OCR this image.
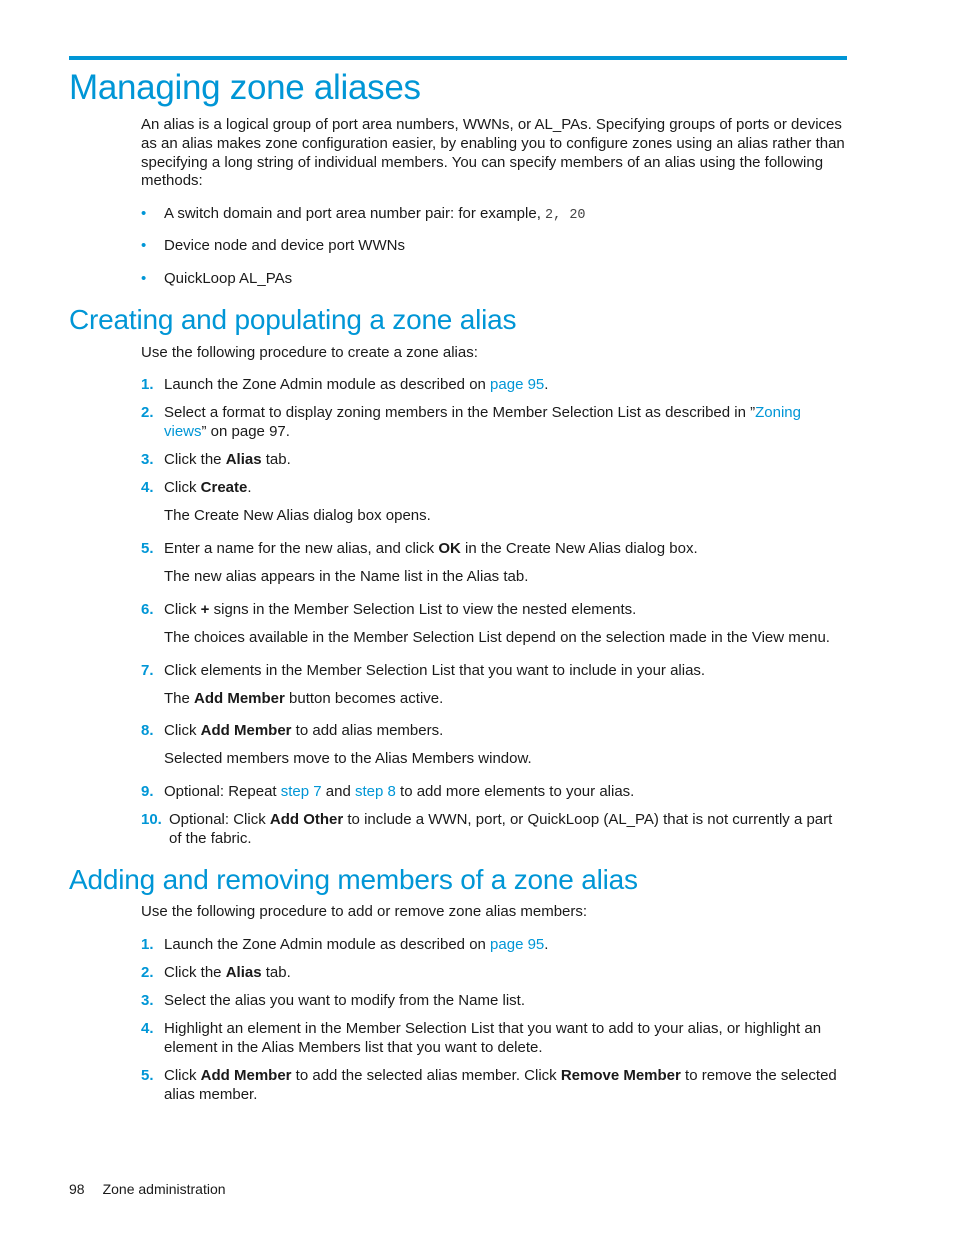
Managing zone aliases

An alias is a logical group of port area numbers, WWNs, or AL_PAs. Specifying groups of ports or devices as an alias makes zone configuration easier, by enabling you to configure zones using an alias rather than specifying a long string of individual members. You can specify members of an alias using the following methods:

• A switch domain and port area number pair: for example, 2, 20
• Device node and device port WWNs
• QuickLoop AL_PAs
Creating and populating a zone alias

Use the following procedure to create a zone alias:

1. Launch the Zone Admin module as described on page 95.
2. Select a format to display zoning members in the Member Selection List as described in ”Zoning
views” on page 97.
3. Click the Alias tab.
4. Click Create.
The Create New Alias dialog box opens.
5. Enter a name for the new alias, and click OK in the Create New Alias dialog box.
The new alias appears in the Name list in the Alias tab.
6. Click + signs in the Member Selection List to view the nested elements.
The choices available in the Member Selection List depend on the selection made in the View menu.
7. Click elements in the Member Selection List that you want to include in your alias.
The Add Member button becomes active.
8. Click Add Member to add alias members.
Selected members move to the Alias Members window.
9. Optional: Repeat step 7 and step 8 to add more elements to your alias.
10. Optional: Click Add Other to include a WWN, port, or QuickLoop (AL_PA) that is not currently a part of the fabric.
Adding and removing members of a zone alias

Use the following procedure to add or remove zone alias members:

1. Launch the Zone Admin module as described on page 95.
2. Click the Alias tab.
3. Select the alias you want to modify from the Name list.
4. Highlight an element in the Member Selection List that you want to add to your alias, or highlight an element in the Alias Members list that you want to delete.
5. Click Add Member to add the selected alias member. Click Remove Member to remove the selected alias member.
98 Zone administration
